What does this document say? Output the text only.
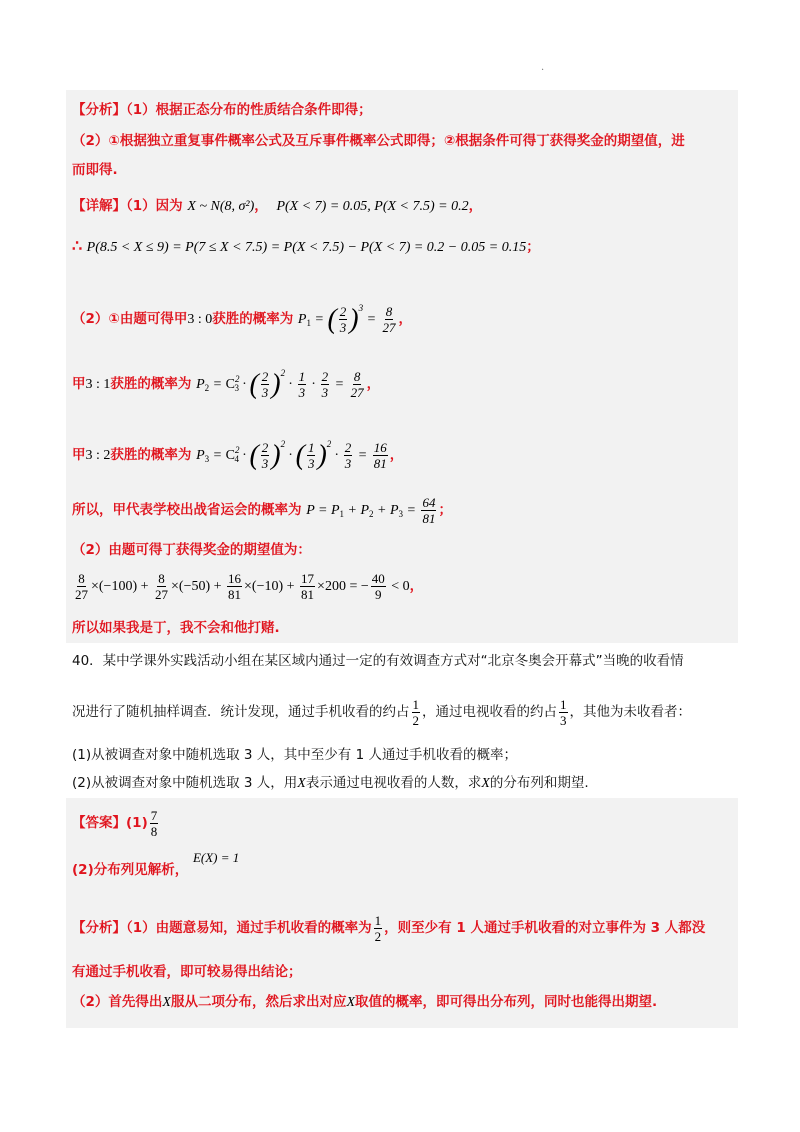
.
【分析】（1）根据正态分布的性质结合条件即得；
（2）①根据独立重复事件概率公式及互斥事件概率公式即得；②根据条件可得丁获得奖金的期望值，进
而即得.
【详解】（1）因为 X ~ N(8, σ²)， P(X < 7) = 0.05, P(X < 7.5) = 0.2，
∴ P(8.5 < X ≤ 9) = P(7 ≤ X < 7.5) = P(X < 7.5) − P(X < 7) = 0.2 − 0.05 = 0.15；
（2）①由题可得甲3 : 0获胜的概率为 $P_1$ = ( $\frac{2}{3} )^3 = \frac{8}{27}$ ，
甲3 : 1获胜的概率为 $P_2 = C^2_3$ · ( $\frac{2}{3} )^2 \cdot \frac{1}{3} \cdot \frac{2}{3} = \frac{8}{27}$ ，
甲3 : 2获胜的概率为 $P_3 = C^2_4$ · ( $\frac{2}{3} )^2$ · ( $\frac{1}{3} )^2 \cdot \frac{2}{3} = \frac{16}{81}$ ，
所以，甲代表学校出战省运会的概率为 $P = P_1 + P_2 + P_3 = \frac{64}{81}$ ；
（2）由题可得丁获得奖金的期望值为：
$\frac{8}{27} \times(-100) + \frac{8}{27} \times(-50) + \frac{16}{81} \times(-10) + \frac{17}{81} \times 200$ = − $\frac{40}{9} < 0$，
所以如果我是丁，我不会和他打赌.
40．某中学课外实践活动小组在某区域内通过一定的有效调查方式对“北京冬奥会开幕式”当晚的收看情
况进行了随机抽样调查．统计发现，通过手机收看的约占 $\frac{1}{2}$ ，通过电视收看的约占 $\frac{1}{3}$ ，其他为未收看者：
(1)从被调查对象中随机选取 3 人，其中至少有 1 人通过手机收看的概率；
(2)从被调查对象中随机选取 3 人，用X表示通过电视收看的人数，求X的分布列和期望.
【答案】$(1) \frac{7}{8}$
(2)分布列见解析， E(X) = 1
【分析】（1）由题意易知，通过手机收看的概率为 $\frac{1}{2}$ ，则至少有 1 人通过手机收看的对立事件为 3 人都没
有通过手机收看，即可较易得出结论；
（2）首先得出X服从二项分布，然后求出对应X取值的概率，即可得出分布列，同时也能得出期望.
